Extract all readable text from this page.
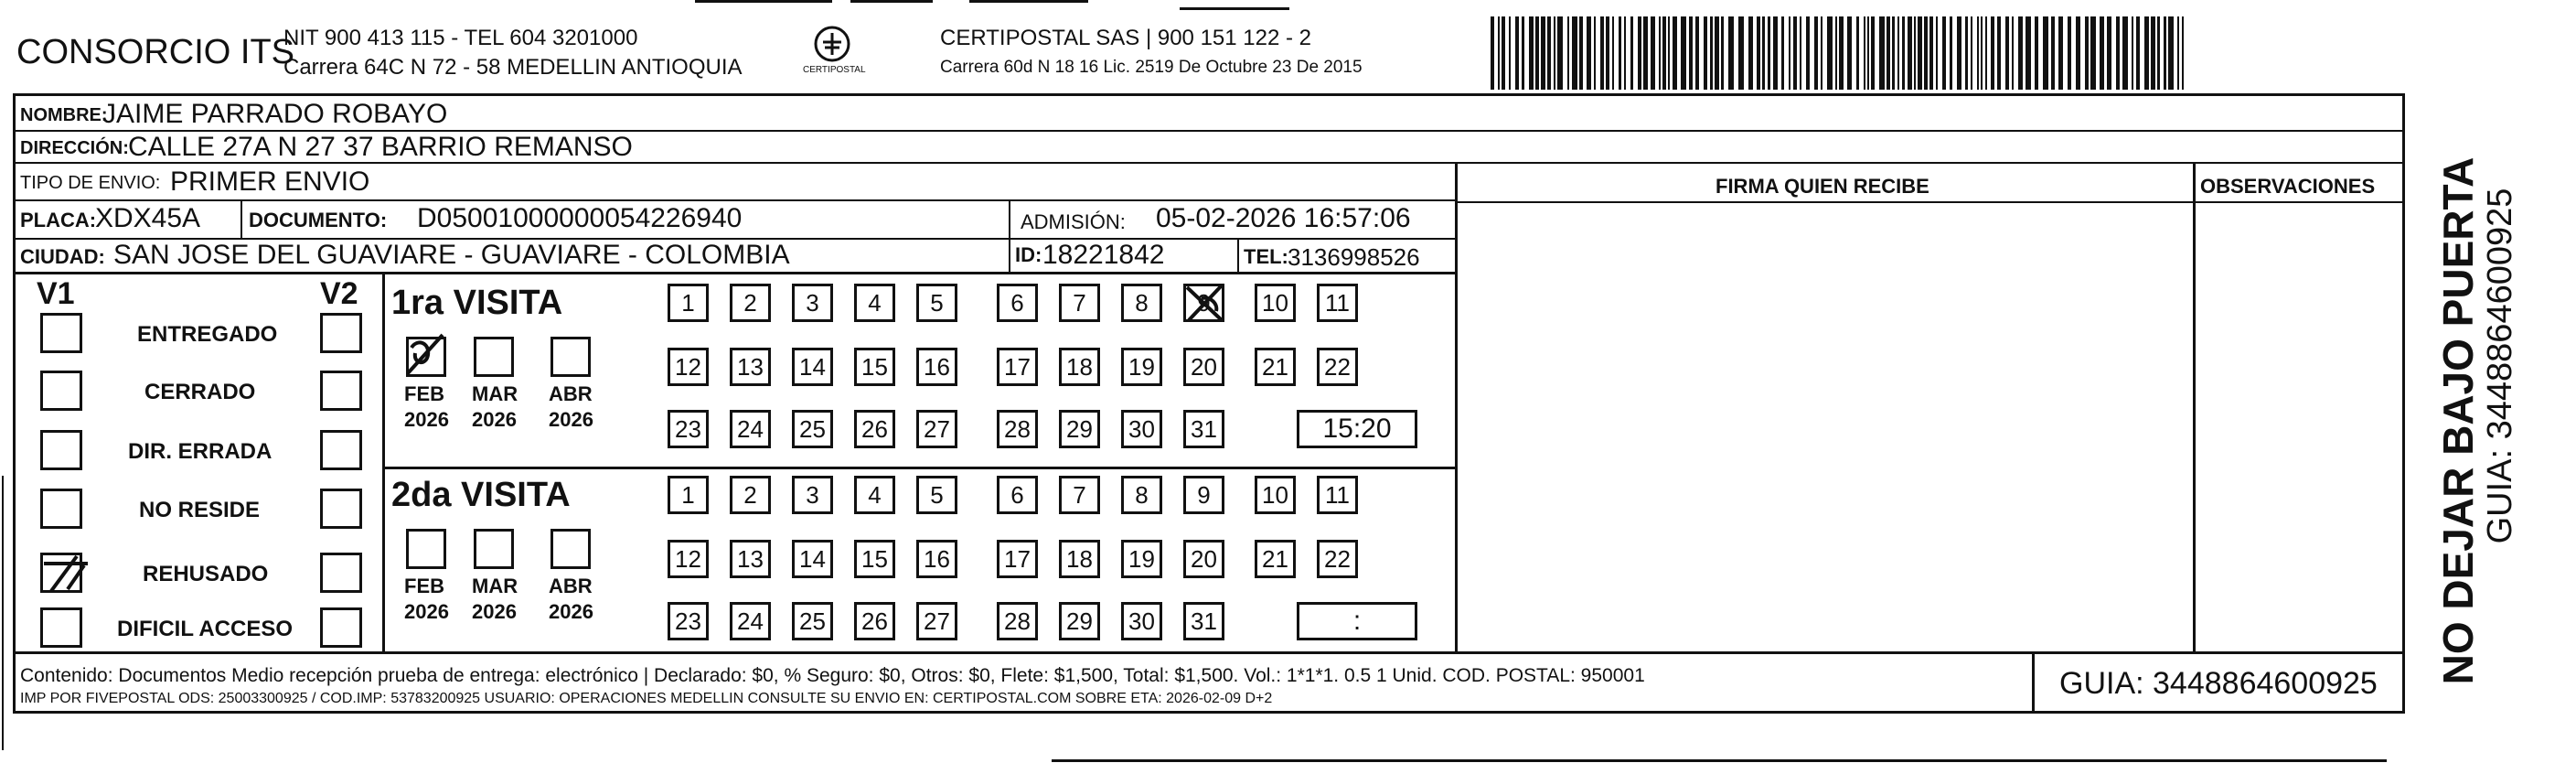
CONSORCIO ITS
NIT 900 413 115 - TEL 604 3201000
Carrera 64C N 72 - 58 MEDELLIN ANTIOQUIA	CERTIPOSTAL
CERTIPOSTAL SAS | 900 151 122 - 2
Carrera 60d N 18 16 Lic. 2519 De Octubre 23 De 2015
NOMBRE:
JAIME PARRADO ROBAYO
DIRECCIÓN: CALLE 27A N 27 37 BARRIO REMANSO
TIPO DE ENVIO: PRIMER ENVIO	FIRMA QUIEN RECIBE	OBSERVACIONES
PLACA:
XDX45A DOCUMENTO: D05001000000054226940	ADMISIÓN: 05-02-2026 16:57:06
CIUDAD: SAN JOSE DEL GUAVIARE - GUAVIARE - COLOMBIA	ID: 18221842	TEL: 3136998526
V1	V2
ENTREGADO
CERRADO
DIR. ERRADA
NO RESIDE
REHUSADO
DIFICIL ACCESO
1ra VISITA
2da VISITA
FEB
2026
MAR
2026
ABR
2026
1	2	3	4	5	6	7	8	9	10	11
12	13	14	15	16	17	18	19	20	21	22
23	24	25	26	27	28	29	30	31	15:20
FEB
2026
MAR
2026
ABR
2026
1	2	3	4	5	6	7	8	9	10	11
12	13	14	15	16	17	18	19	20	21	22
23	24	25	26	27	28	29	30	31	:
Contenido: Documentos Medio recepción prueba de entrega: electrónico | Declarado: $0, % Seguro: $0, Otros: $0, Flete: $1,500, Total: $1,500. Vol.: 1*1*1. 0.5 1 Unid. COD. POSTAL: 950001
IMP POR FIVEPOSTAL ODS: 25003300925 / COD.IMP: 53783200925 USUARIO: OPERACIONES MEDELLIN CONSULTE SU ENVIO EN: CERTIPOSTAL.COM SOBRE ETA: 2026-02-09 D+2	GUIA: 3448864600925 NO DEJAR BAJO PUERTA GUIA: 3448864600925
